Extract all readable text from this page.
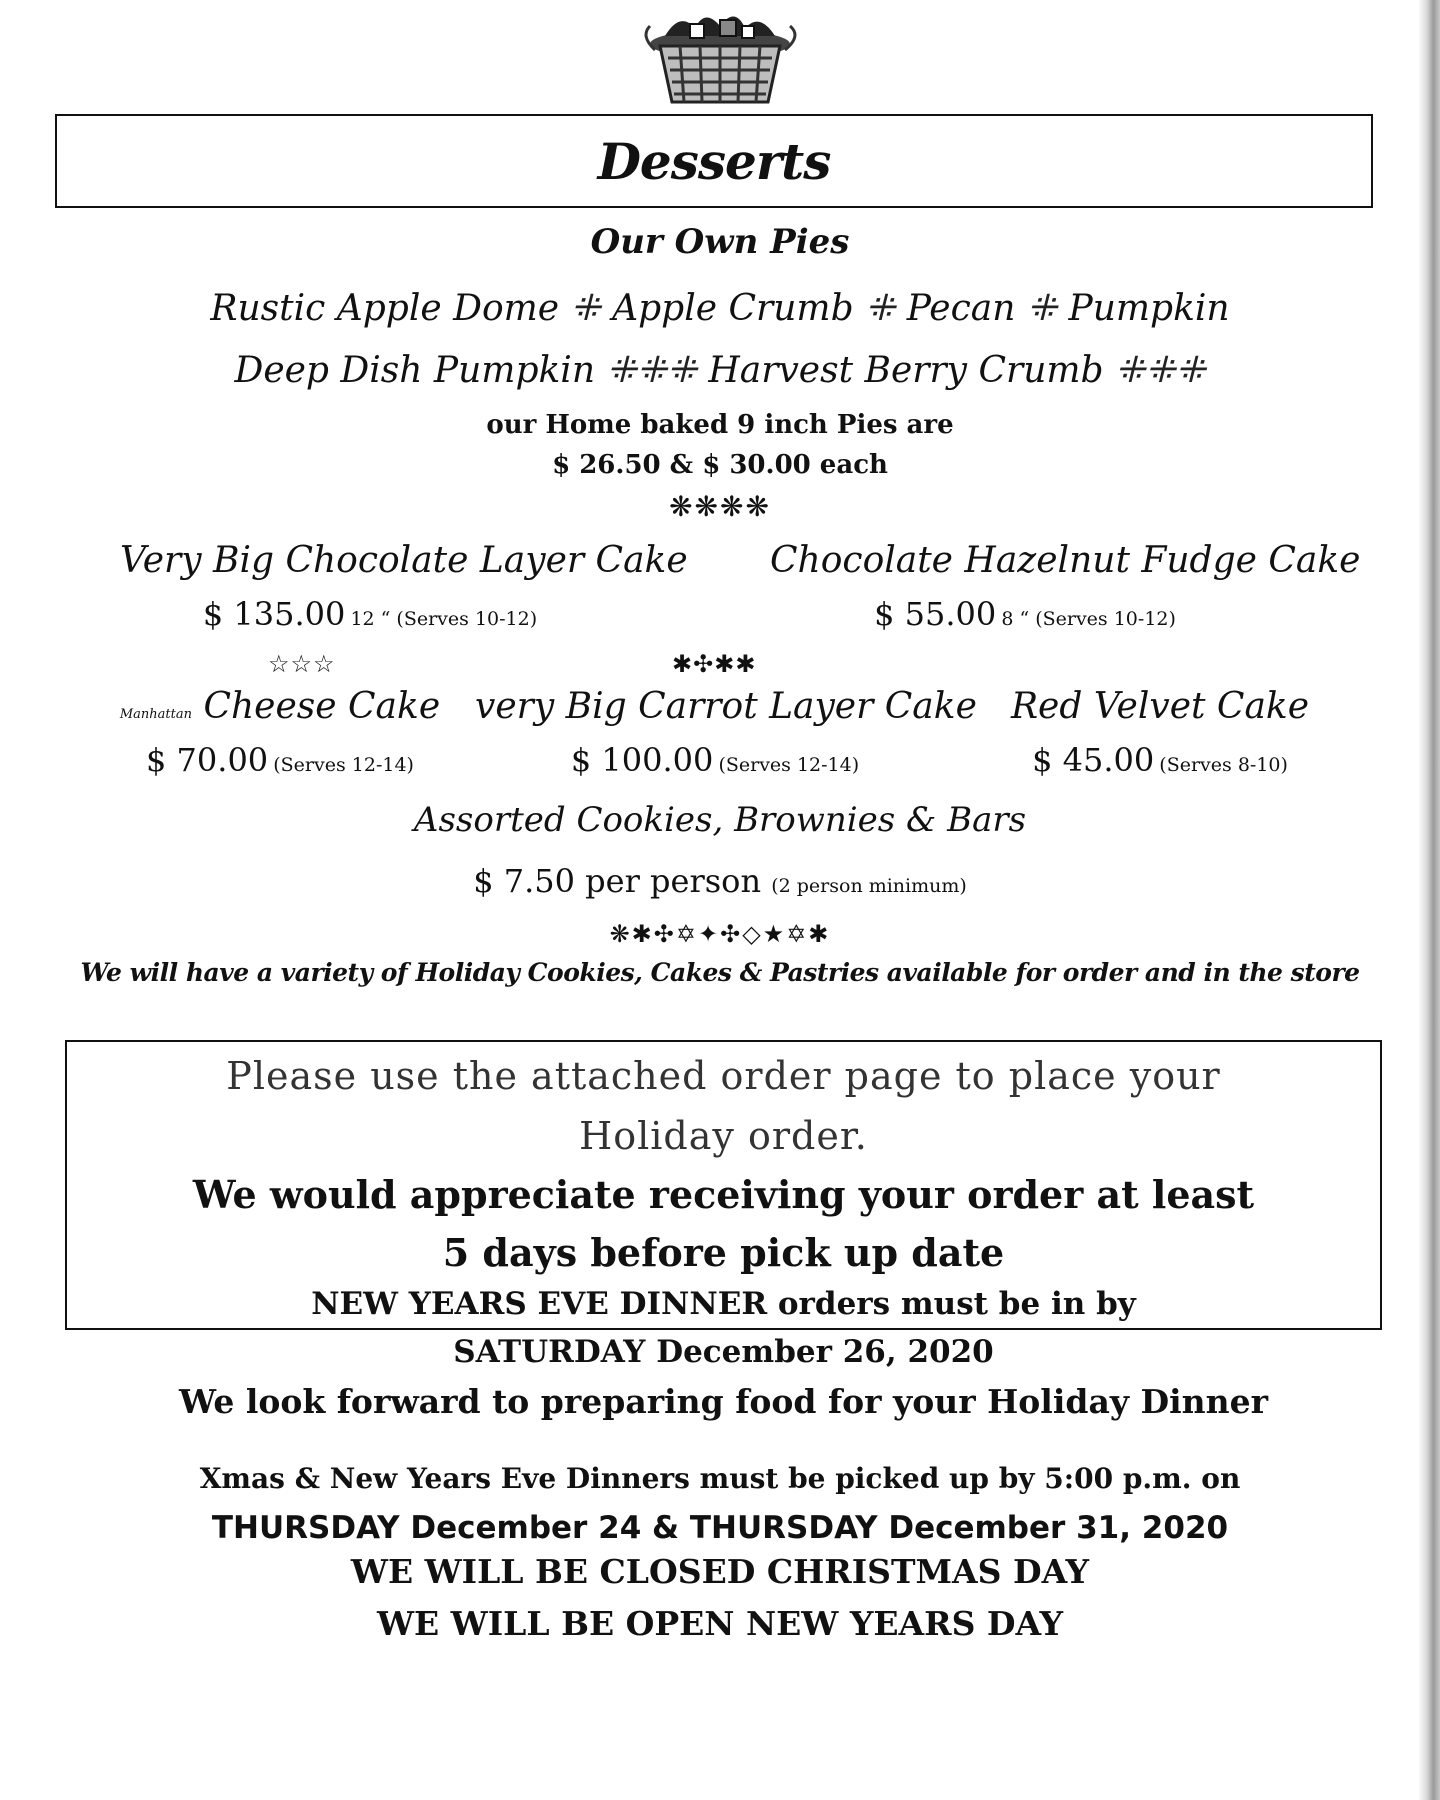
Desserts
Our Own Pies
Rustic Apple Dome ⁜ Apple Crumb ⁜ Pecan ⁜ Pumpkin
Deep Dish Pumpkin ⁜⁜⁜ Harvest Berry Crumb ⁜⁜⁜
our Home baked 9 inch Pies are
$ 26.50 & $ 30.00 each
❋❋❋❋
Very Big Chocolate Layer Cake
$ 135.00 12 “ (Serves 10-12)
Chocolate Hazelnut Fudge Cake
$ 55.00 8 “ (Serves 10-12)
☆☆☆	✱✣✱✱
Manhattan Cheese Cake
$ 70.00 (Serves 12-14)
very Big Carrot Layer Cake
$ 100.00 (Serves 12-14)
Red Velvet Cake
$ 45.00 (Serves 8-10)
Assorted Cookies, Brownies & Bars
$ 7.50 per person (2 person minimum)
❋✱✣✡✦✣◇★✡✱
We will have a variety of Holiday Cookies, Cakes & Pastries available for order and in the store
Please use the attached order page to place your
Holiday order.
We would appreciate receiving your order at least
5 days before pick up date
NEW YEARS EVE DINNER orders must be in by
SATURDAY December 26, 2020
We look forward to preparing food for your Holiday Dinner
Xmas & New Years Eve Dinners must be picked up by 5:00 p.m. on
THURSDAY December 24 & THURSDAY December 31, 2020
WE WILL BE CLOSED CHRISTMAS DAY
WE WILL BE OPEN NEW YEARS DAY
